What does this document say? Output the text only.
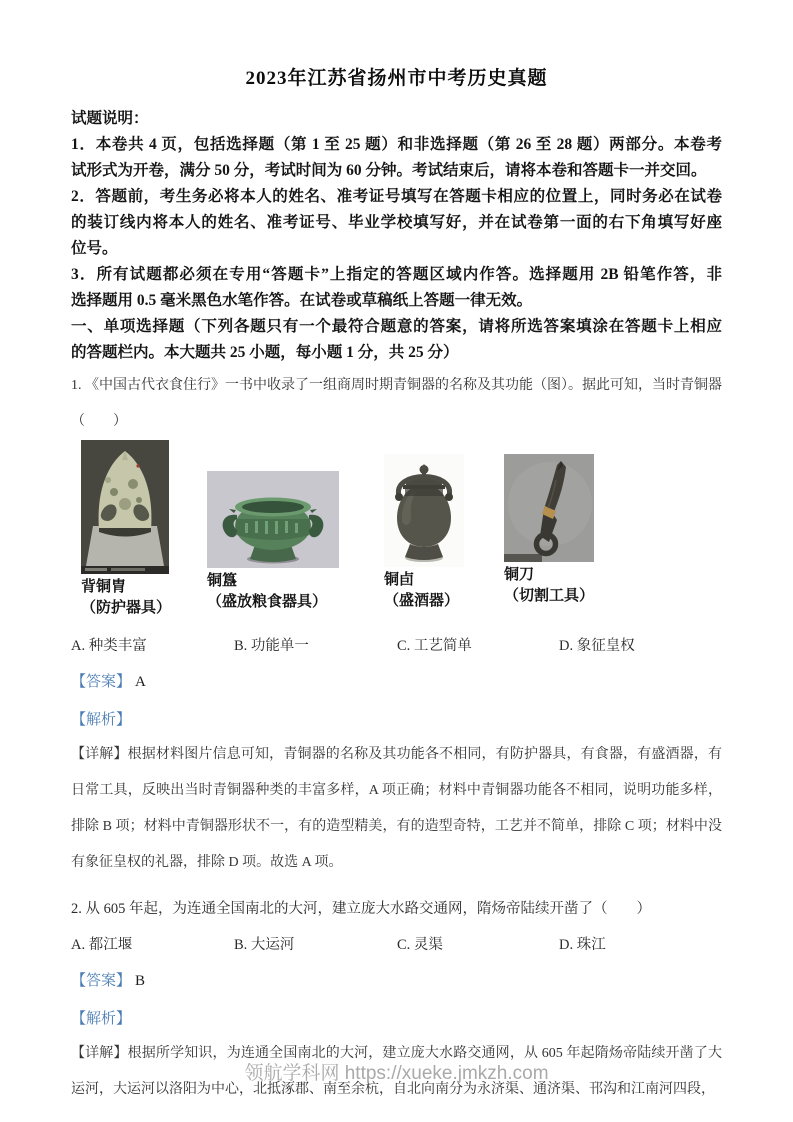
2023年江苏省扬州市中考历史真题

试题说明：

1．本卷共 4 页，包括选择题（第 1 至 25 题）和非选择题（第 26 至 28 题）两部分。本卷考
试形式为开卷，满分 50 分，考试时间为 60 分钟。考试结束后，请将本卷和答题卡一并交回。
2．答题前，考生务必将本人的姓名、准考证号填写在答题卡相应的位置上，同时务必在试卷
的装订线内将本人的姓名、准考证号、毕业学校填写好，并在试卷第一面的右下角填写好座
位号。
3．所有试题都必须在专用“答题卡”上指定的答题区域内作答。选择题用 2B 铅笔作答，非
选择题用 0.5 毫米黑色水笔作答。在试卷或草稿纸上答题一律无效。
一、单项选择题（下列各题只有一个最符合题意的答案，请将所选答案填涂在答题卡上相应
的答题栏内。本大题共 25 小题，每小题 1 分，共 25 分）
1. 《中国古代衣食住行》一书中收录了一组商周时期青铜器的名称及其功能（图）。据此可知，当时青铜器
（　　）
背铜胄
（防护器具）
铜簋
（盛放粮食器具）
铜卣
（盛酒器）
铜刀
（切割工具）
A. 种类丰富	B. 功能单一	C. 工艺简单	D. 象征皇权
【答案】 A
【解析】
【详解】根据材料图片信息可知，青铜器的名称及其功能各不相同，有防护器具，有食器，有盛酒器，有
日常工具，反映出当时青铜器种类的丰富多样，A 项正确；材料中青铜器功能各不相同，说明功能多样，
排除 B 项；材料中青铜器形状不一，有的造型精美，有的造型奇特，工艺并不简单，排除 C 项；材料中没
有象征皇权的礼器，排除 D 项。故选 A 项。
2. 从 605 年起，为连通全国南北的大河，建立庞大水路交通网，隋炀帝陆续开凿了（　　）
A. 都江堰	B. 大运河	C. 灵渠	D. 珠江
【答案】 B
【解析】
【详解】根据所学知识，为连通全国南北的大河，建立庞大水路交通网，从 605 年起隋炀帝陆续开凿了大
运河，大运河以洛阳为中心，北抵涿郡、南至余杭，自北向南分为永济渠、通济渠、邗沟和江南河四段，
领航学科网 https://xueke.jmkzh.com
